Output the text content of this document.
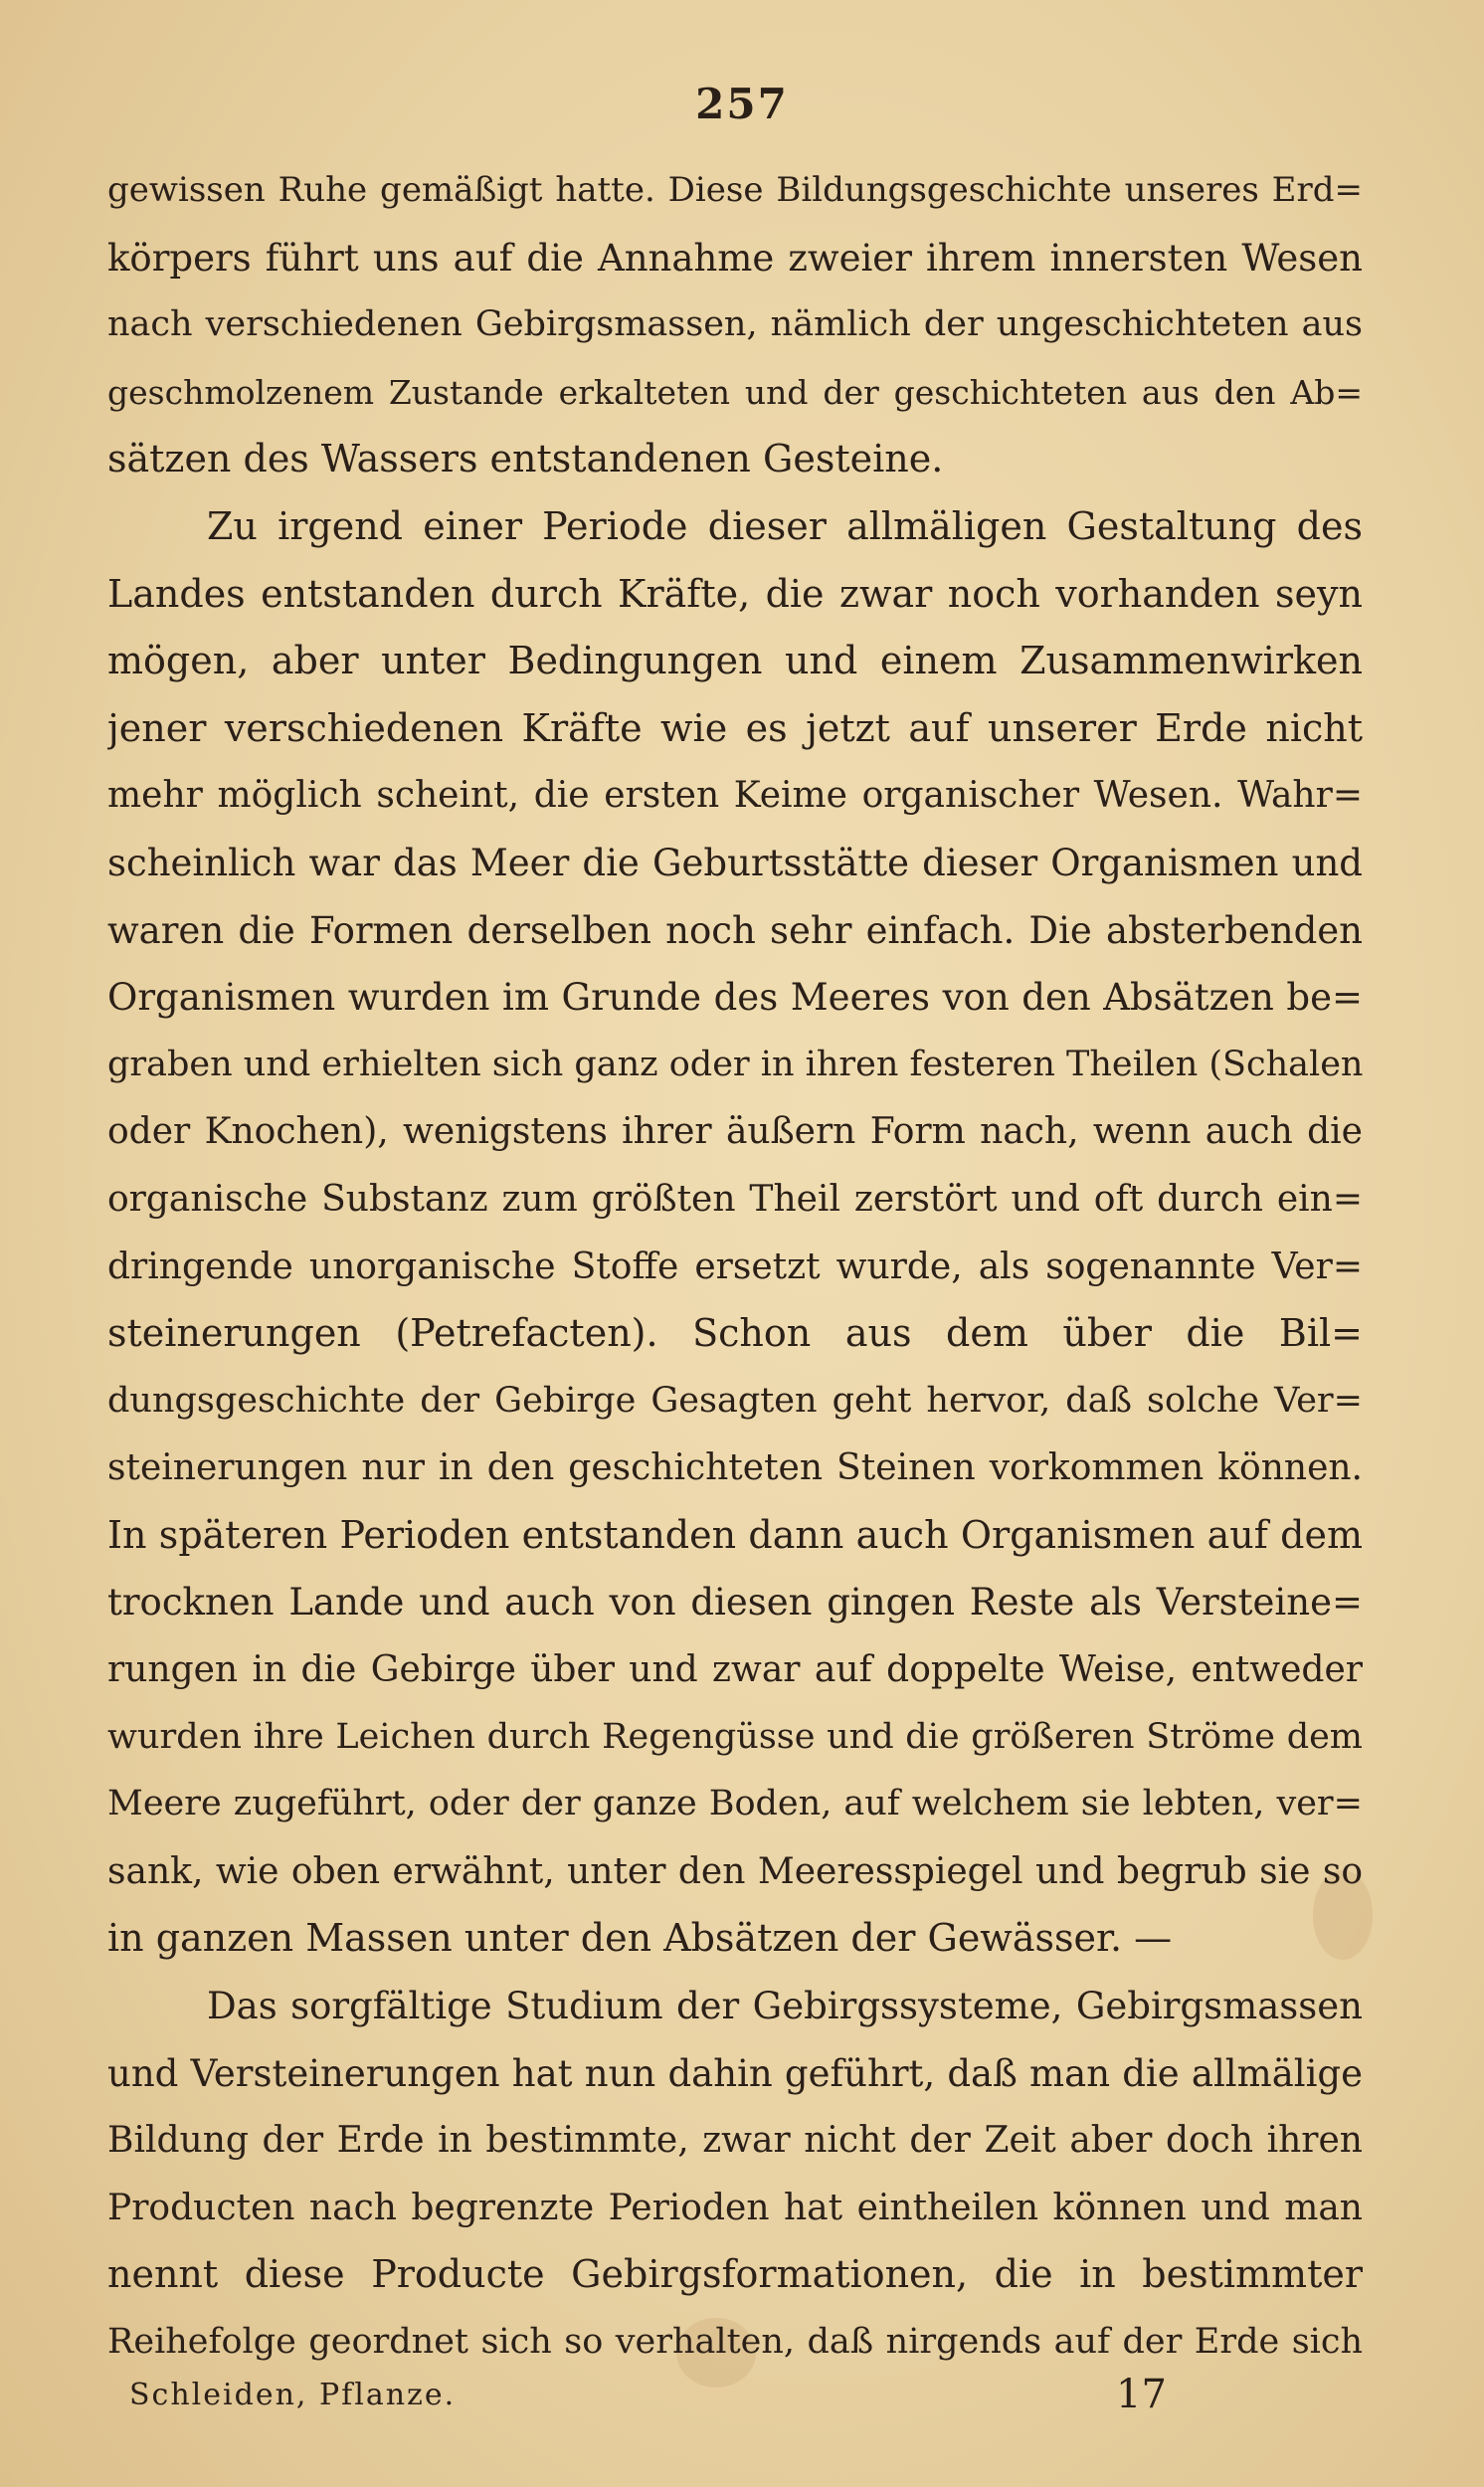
257
gewissen Ruhe gemäßigt hatte. Diese Bildungsgeschichte unseres Erd=
körpers führt uns auf die Annahme zweier ihrem innersten Wesen
nach verschiedenen Gebirgsmassen, nämlich der ungeschichteten aus
geschmolzenem Zustande erkalteten und der geschichteten aus den Ab=
sätzen des Wassers entstandenen Gesteine.
Zu irgend einer Periode dieser allmäligen Gestaltung des
Landes entstanden durch Kräfte, die zwar noch vorhanden seyn
mögen, aber unter Bedingungen und einem Zusammenwirken
jener verschiedenen Kräfte wie es jetzt auf unserer Erde nicht
mehr möglich scheint, die ersten Keime organischer Wesen. Wahr=
scheinlich war das Meer die Geburtsstätte dieser Organismen und
waren die Formen derselben noch sehr einfach. Die absterbenden
Organismen wurden im Grunde des Meeres von den Absätzen be=
graben und erhielten sich ganz oder in ihren festeren Theilen (Schalen
oder Knochen), wenigstens ihrer äußern Form nach, wenn auch die
organische Substanz zum größten Theil zerstört und oft durch ein=
dringende unorganische Stoffe ersetzt wurde, als sogenannte Ver=
steinerungen (Petrefacten). Schon aus dem über die Bil=
dungsgeschichte der Gebirge Gesagten geht hervor, daß solche Ver=
steinerungen nur in den geschichteten Steinen vorkommen können.
In späteren Perioden entstanden dann auch Organismen auf dem
trocknen Lande und auch von diesen gingen Reste als Versteine=
rungen in die Gebirge über und zwar auf doppelte Weise, entweder
wurden ihre Leichen durch Regengüsse und die größeren Ströme dem
Meere zugeführt, oder der ganze Boden, auf welchem sie lebten, ver=
sank, wie oben erwähnt, unter den Meeresspiegel und begrub sie so
in ganzen Massen unter den Absätzen der Gewässer. —
Das sorgfältige Studium der Gebirgssysteme, Gebirgsmassen
und Versteinerungen hat nun dahin geführt, daß man die allmälige
Bildung der Erde in bestimmte, zwar nicht der Zeit aber doch ihren
Producten nach begrenzte Perioden hat eintheilen können und man
nennt diese Producte Gebirgsformationen, die in bestimmter
Reihefolge geordnet sich so verhalten, daß nirgends auf der Erde sich
Schleiden, Pflanze.	17
